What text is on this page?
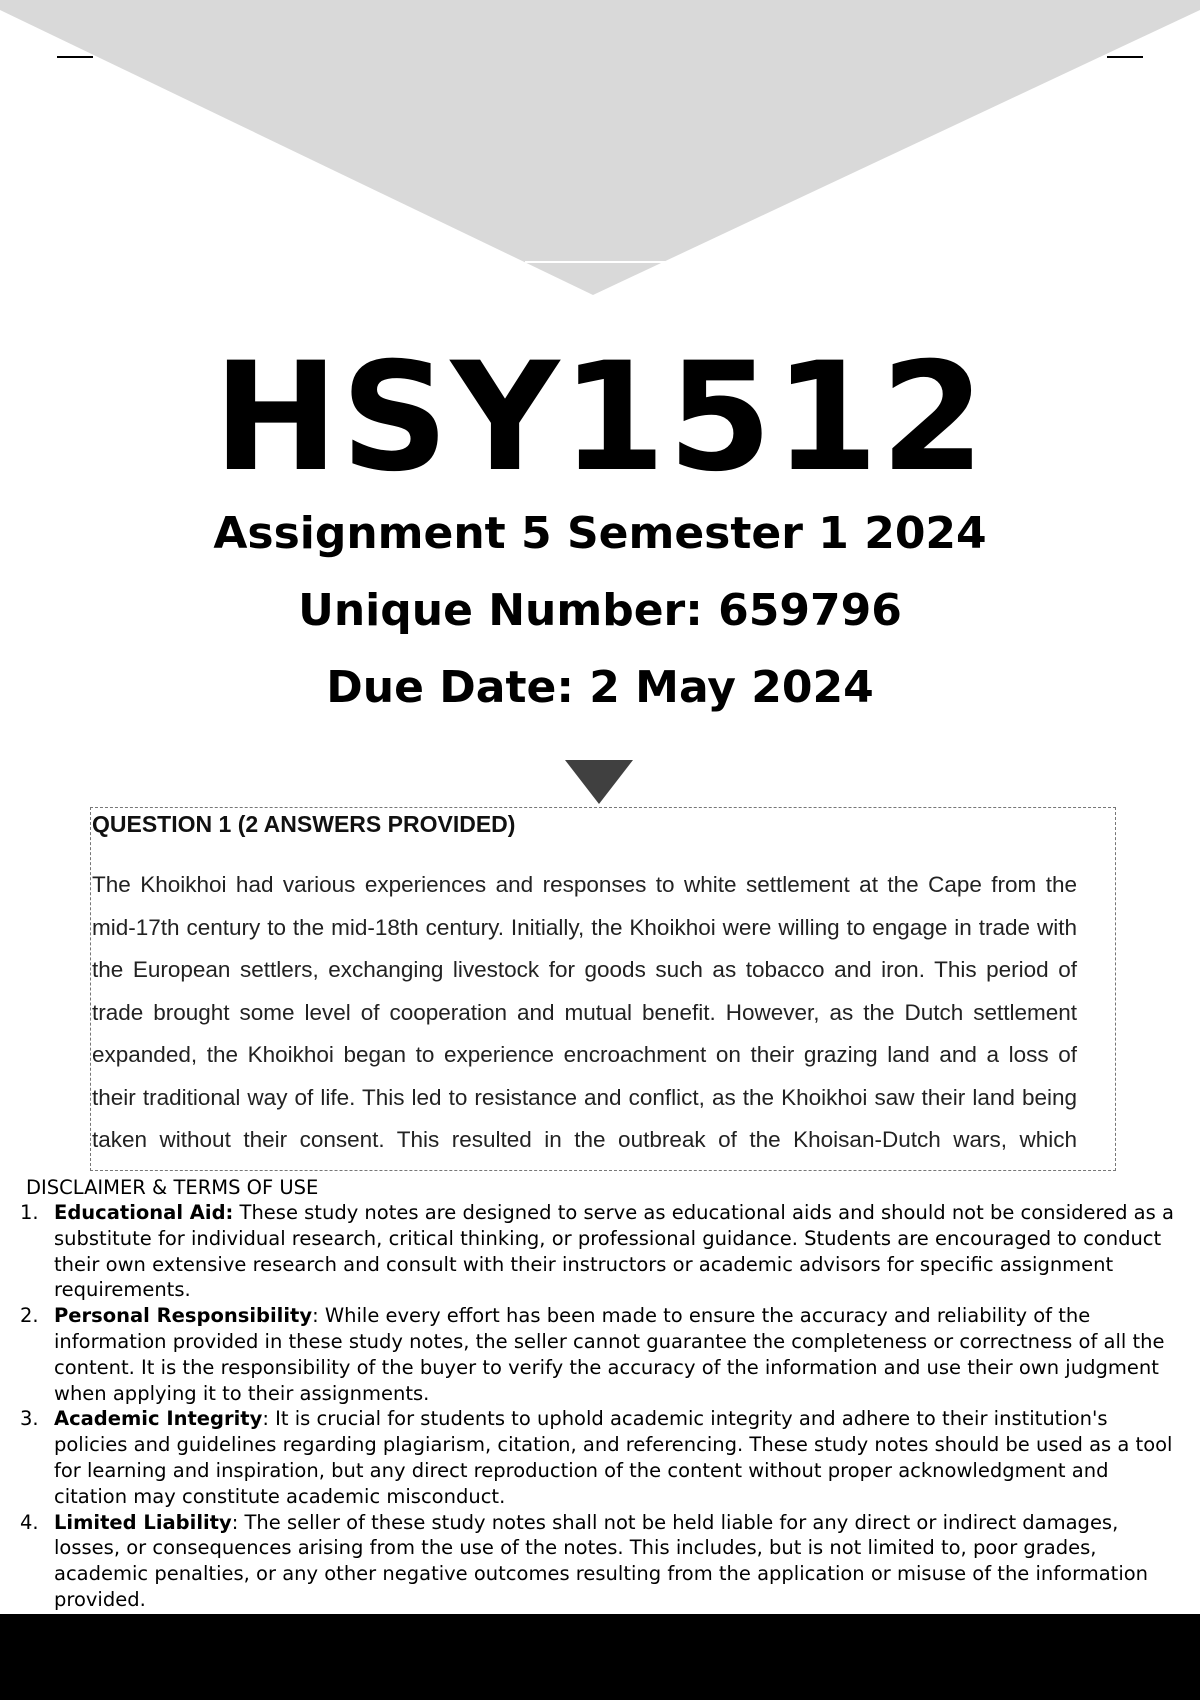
HSY1512
Assignment 5 Semester 1 2024
Unique Number: 659796
Due Date: 2 May 2024
QUESTION 1 (2 ANSWERS PROVIDED)

The Khoikhoi had various experiences and responses to white settlement at the Cape from the mid-17th century to the mid-18th century. Initially, the Khoikhoi were willing to engage in trade with the European settlers, exchanging livestock for goods such as tobacco and iron. This period of trade brought some level of cooperation and mutual benefit. However, as the Dutch settlement expanded, the Khoikhoi began to experience encroachment on their grazing land and a loss of their traditional way of life. This led to resistance and conflict, as the Khoikhoi saw their land being taken without their consent. This resulted in the outbreak of the Khoisan-Dutch wars, which

DISCLAIMER & TERMS OF USE
1. Educational Aid: These study notes are designed to serve as educational aids and should not be considered as a substitute for individual research, critical thinking, or professional guidance. Students are encouraged to conduct their own extensive research and consult with their instructors or academic advisors for specific assignment requirements.
2. Personal Responsibility: While every effort has been made to ensure the accuracy and reliability of the information provided in these study notes, the seller cannot guarantee the completeness or correctness of all the content. It is the responsibility of the buyer to verify the accuracy of the information and use their own judgment when applying it to their assignments.
3. Academic Integrity: It is crucial for students to uphold academic integrity and adhere to their institution's policies and guidelines regarding plagiarism, citation, and referencing. These study notes should be used as a tool for learning and inspiration, but any direct reproduction of the content without proper acknowledgment and citation may constitute academic misconduct.
4. Limited Liability: The seller of these study notes shall not be held liable for any direct or indirect damages, losses, or consequences arising from the use of the notes. This includes, but is not limited to, poor grades, academic penalties, or any other negative outcomes resulting from the application or misuse of the information provided.
